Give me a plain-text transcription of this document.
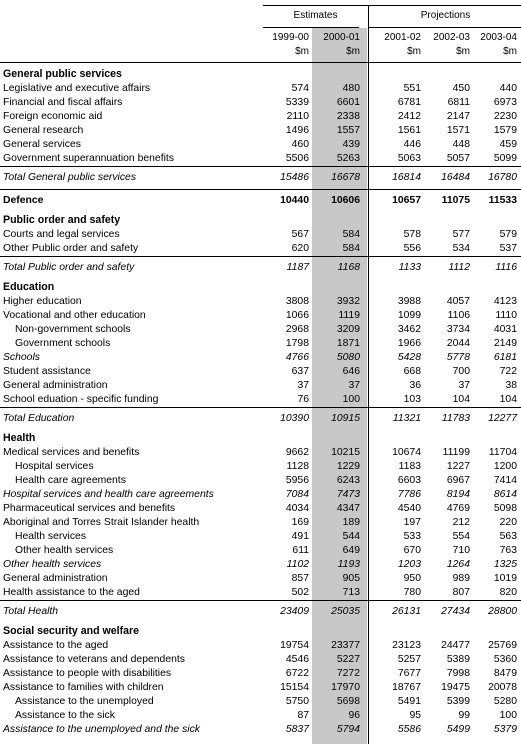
Estimates	Projections
1999-00	2000-01	2001-02	2002-03	2003-04
$m	$m	$m	$m	$m
General public services
Legislative and executive affairs	574	480	551	450	440
Financial and fiscal affairs	5339	6601	6781	6811	6973
Foreign economic aid	2110	2338	2412	2147	2230
General research	1496	1557	1561	1571	1579
General services	460	439	446	448	459
Government superannuation benefits	5506	5263	5063	5057	5099
Total General public services	15486	16678	16814	16484	16780
Defence	10440	10606	10657	11075	11533
Public order and safety
Courts and legal services	567	584	578	577	579
Other Public order and safety	620	584	556	534	537
Total Public order and safety	1187	1168	1133	1112	1116
Education
Higher education	3808	3932	3988	4057	4123
Vocational and other education	1066	1119	1099	1106	1110
Non-government schools	2968	3209	3462	3734	4031
Government schools	1798	1871	1966	2044	2149
Schools	4766	5080	5428	5778	6181
Student assistance	637	646	668	700	722
General administration	37	37	36	37	38
School eduation - specific funding	76	100	103	104	104
Total Education	10390	10915	11321	11783	12277
Health
Medical services and benefits	9662	10215	10674	11199	11704
Hospital services	1128	1229	1183	1227	1200
Health care agreements	5956	6243	6603	6967	7414
Hospital services and health care agreements	7084	7473	7786	8194	8614
Pharmaceutical services and benefits	4034	4347	4540	4769	5098
Aboriginal and Torres Strait Islander health	169	189	197	212	220
Health services	491	544	533	554	563
Other health services	611	649	670	710	763
Other health services	1102	1193	1203	1264	1325
General administration	857	905	950	989	1019
Health assistance to the aged	502	713	780	807	820
Total Health	23409	25035	26131	27434	28800
Social security and welfare
Assistance to the aged	19754	23377	23123	24477	25769
Assistance to veterans and dependents	4546	5227	5257	5389	5360
Assistance to people with disabilities	6722	7272	7677	7998	8479
Assistance to families with children	15154	17970	18767	19475	20078
Assistance to the unemployed	5750	5698	5491	5399	5280
Assistance to the sick	87	96	95	99	100
Assistance to the unemployed and the sick	5837	5794	5586	5499	5379
